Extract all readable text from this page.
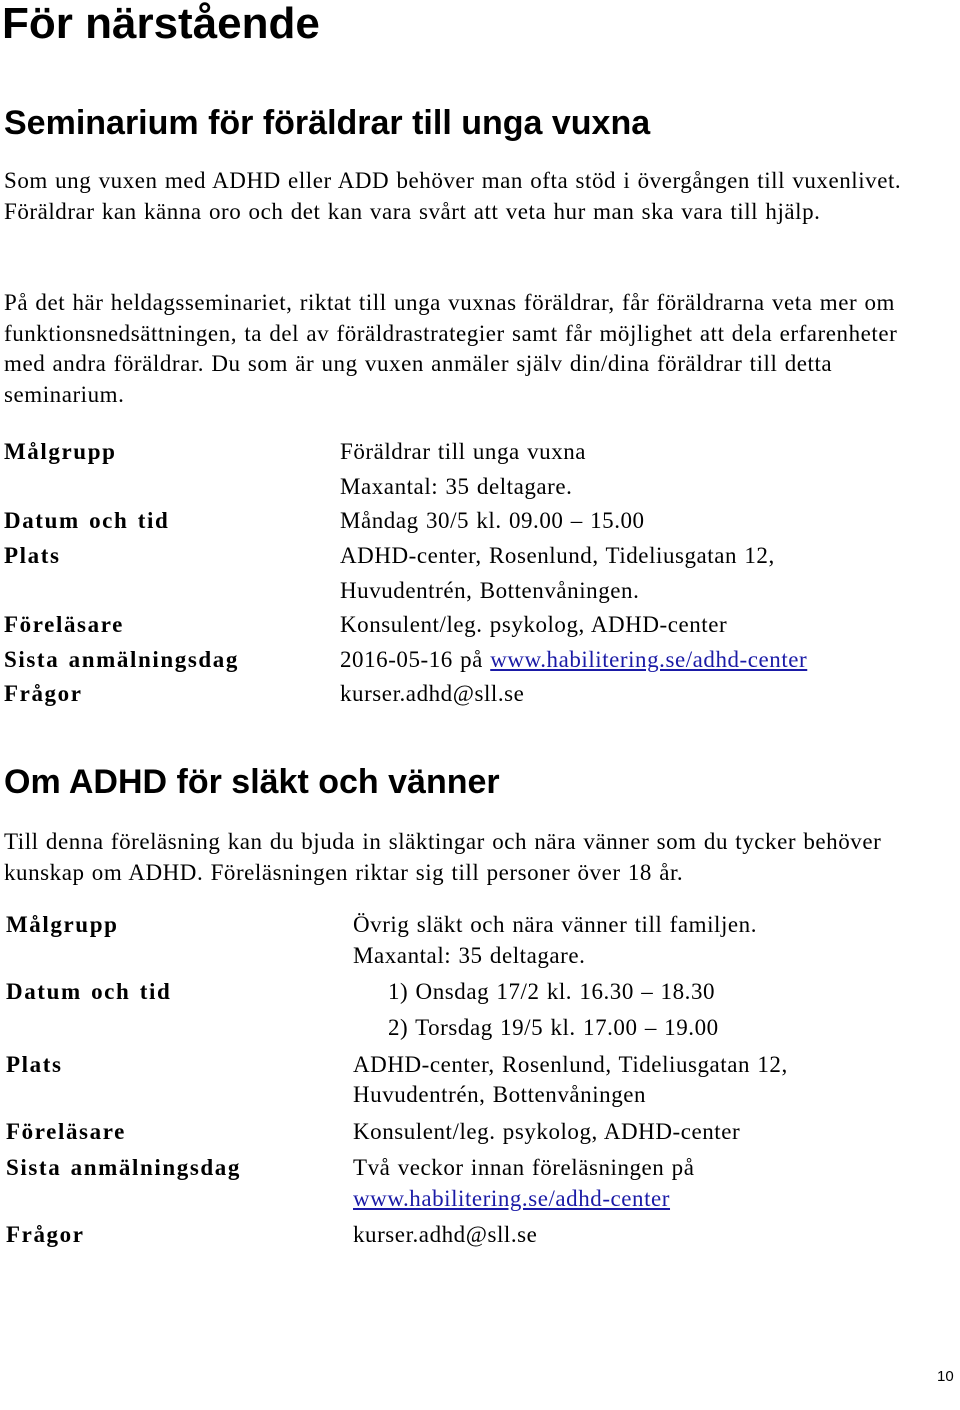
För närstående
Seminarium för föräldrar till unga vuxna
Som ung vuxen med ADHD eller ADD behöver man ofta stöd i övergången till vuxenlivet. Föräldrar kan känna oro och det kan vara svårt att veta hur man ska vara till hjälp.
På det här heldagsseminariet, riktat till unga vuxnas föräldrar, får föräldrarna veta mer om funktionsnedsättningen, ta del av föräldrastrategier samt får möjlighet att dela erfarenheter med andra föräldrar. Du som är ung vuxen anmäler själv din/dina föräldrar till detta seminarium.
Målgrupp	Föräldrar till unga vuxna
Maxantal: 35 deltagare.
Datum och tid	Måndag 30/5 kl. 09.00 – 15.00
Plats	ADHD-center, Rosenlund, Tideliusgatan 12,
Huvudentrén, Bottenvåningen.
Föreläsare	Konsulent/leg. psykolog, ADHD-center
Sista anmälningsdag	2016-05-16 på www.habilitering.se/adhd-center
Frågor	kurser.adhd@sll.se
Om ADHD för släkt och vänner
Till denna föreläsning kan du bjuda in släktingar och nära vänner som du tycker behöver kunskap om ADHD. Föreläsningen riktar sig till personer över 18 år.
Målgrupp	Övrig släkt och nära vänner till familjen.
Maxantal: 35 deltagare.
Datum och tid	1) Onsdag 17/2 kl. 16.30 – 18.30
2) Torsdag 19/5 kl. 17.00 – 19.00
Plats	ADHD-center, Rosenlund, Tideliusgatan 12,
Huvudentrén, Bottenvåningen
Föreläsare	Konsulent/leg. psykolog, ADHD-center
Sista anmälningsdag	Två veckor innan föreläsningen på
www.habilitering.se/adhd-center
Frågor	kurser.adhd@sll.se
10
